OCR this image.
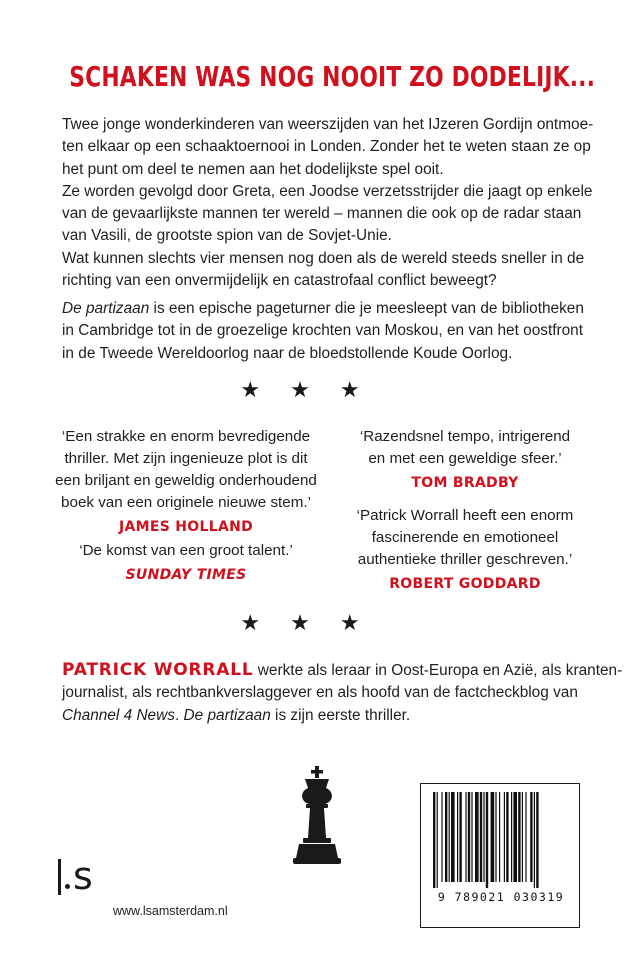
SCHAKEN WAS NOG NOOIT ZO DODELIJK...
Twee jonge wonderkinderen van weerszijden van het IJzeren Gordijn ontmoe-
ten elkaar op een schaaktoernooi in Londen. Zonder het te weten staan ze op
het punt om deel te nemen aan het dodelijkste spel ooit.
Ze worden gevolgd door Greta, een Joodse verzetsstrijder die jaagt op enkele
van de gevaarlijkste mannen ter wereld – mannen die ook op de radar staan
van Vasili, de grootste spion van de Sovjet-Unie.
Wat kunnen slechts vier mensen nog doen als de wereld steeds sneller in de
richting van een onvermijdelijk en catastrofaal conflict beweegt?
De partizaan is een epische pageturner die je meesleept van de bibliotheken
in Cambridge tot in de groezelige krochten van Moskou, en van het oostfront
in de Tweede Wereldoorlog naar de bloedstollende Koude Oorlog.
★★★
‘Een strakke en enorm bevredigende
thriller. Met zijn ingenieuze plot is dit
een briljant en geweldig onderhoudend
boek van een originele nieuwe stem.’
JAMES HOLLAND
‘De komst van een groot talent.’
SUNDAY TIMES
‘Razendsnel tempo, intrigerend
en met een geweldige sfeer.’
TOM BRADBY
‘Patrick Worrall heeft een enorm
fascinerende en emotioneel
authentieke thriller geschreven.’
ROBERT GODDARD
★★★
PATRICK WORRALL werkte als leraar in Oost-Europa en Azië, als kranten-
journalist, als rechtbankverslaggever en als hoofd van de factcheckblog van
Channel 4 News. De partizaan is zijn eerste thriller.
s
www.lsamsterdam.nl
9 789021 030319
